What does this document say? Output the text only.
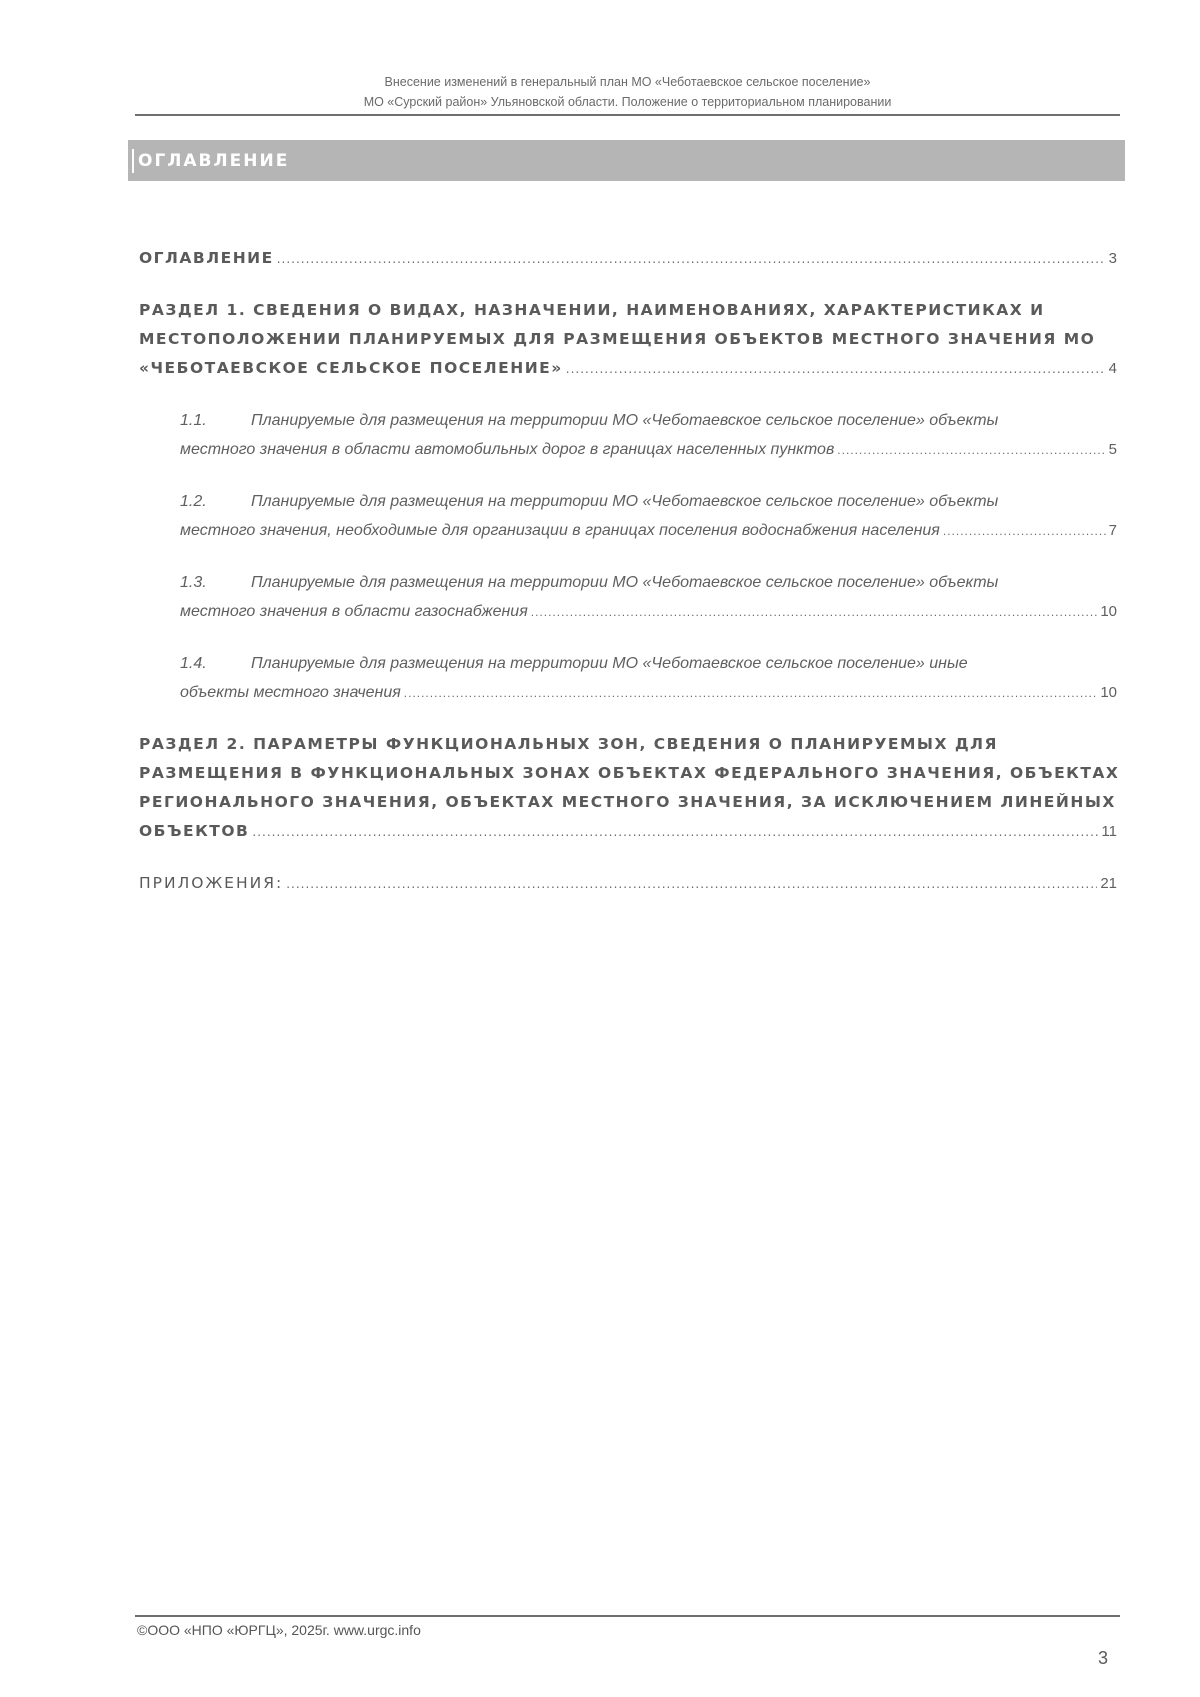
Внесение изменений в генеральный план МО «Чеботаевское сельское поселение»
МО «Сурский район» Ульяновской области. Положение о территориальном планировании
ОГЛАВЛЕНИЕ
ОГЛАВЛЕНИЕ .....	3
РАЗДЕЛ 1. СВЕДЕНИЯ О ВИДАХ, НАЗНАЧЕНИИ, НАИМЕНОВАНИЯХ, ХАРАКТЕРИСТИКАХ И
МЕСТОПОЛОЖЕНИИ ПЛАНИРУЕМЫХ ДЛЯ РАЗМЕЩЕНИЯ ОБЪЕКТОВ МЕСТНОГО ЗНАЧЕНИЯ МО
«ЧЕБОТАЕВСКОЕ СЕЛЬСКОЕ ПОСЕЛЕНИЕ» .....	4
1.1.	Планируемые для размещения на территории МО «Чеботаевское сельское поселение» объекты
местного значения в области автомобильных дорог в границах населенных пунктов .....	5
1.2.	Планируемые для размещения на территории МО «Чеботаевское сельское поселение» объекты
местного значения, необходимые для организации в границах поселения водоснабжения населения .....	7
1.3.	Планируемые для размещения на территории МО «Чеботаевское сельское поселение» объекты
местного значения в области газоснабжения .....	10
1.4.	Планируемые для размещения на территории МО «Чеботаевское сельское поселение» иные
объекты местного значения .....	10
РАЗДЕЛ 2. ПАРАМЕТРЫ ФУНКЦИОНАЛЬНЫХ ЗОН, СВЕДЕНИЯ О ПЛАНИРУЕМЫХ ДЛЯ
РАЗМЕЩЕНИЯ В ФУНКЦИОНАЛЬНЫХ ЗОНАХ ОБЪЕКТАХ ФЕДЕРАЛЬНОГО ЗНАЧЕНИЯ, ОБЪЕКТАХ
РЕГИОНАЛЬНОГО ЗНАЧЕНИЯ, ОБЪЕКТАХ МЕСТНОГО ЗНАЧЕНИЯ, ЗА ИСКЛЮЧЕНИЕМ ЛИНЕЙНЫХ
ОБЪЕКТОВ .....	11
ПРИЛОЖЕНИЯ: .....	21
©ООО «НПО «ЮРГЦ», 2025г. www.urgc.info
3
